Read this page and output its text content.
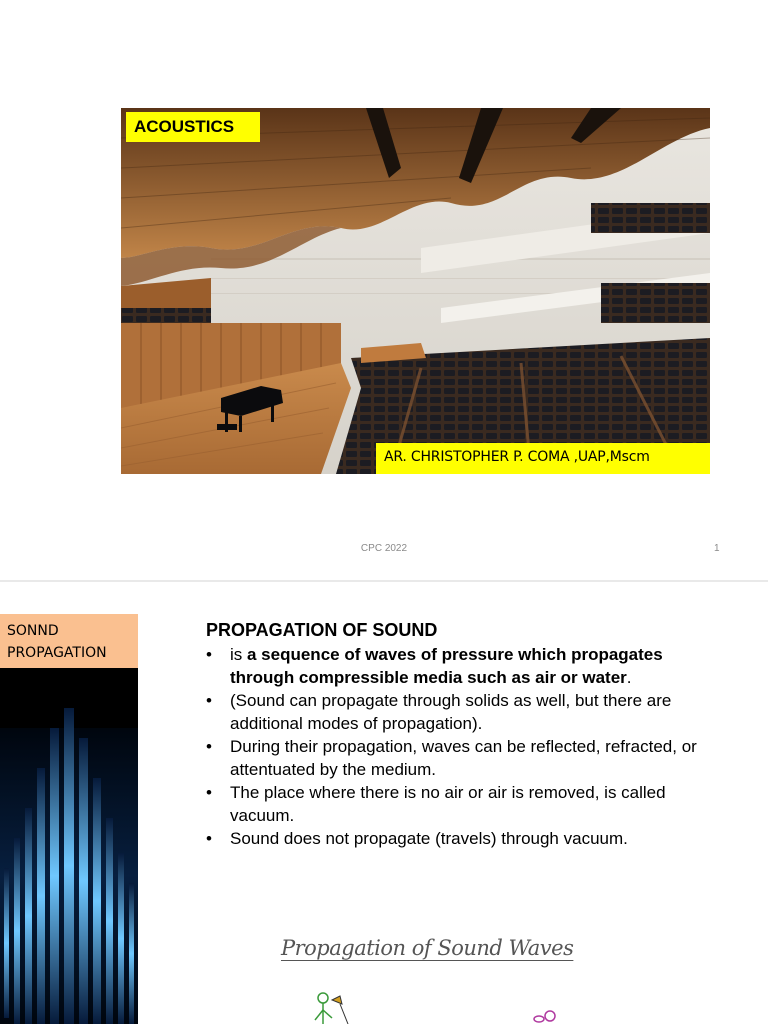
ACOUSTICS
AR. CHRISTOPHER P. COMA ,UAP,Mscm
CPC 2022	1
SONND PROPAGATION
PROPAGATION OF SOUND
• is a sequence of waves of pressure which propagates through compressible media such as air or water.
• (Sound can propagate through solids as well, but there are additional modes of propagation).
• During their propagation, waves can be reflected, refracted, or attentuated by the medium.
• The place where there is no air or air is removed, is called vacuum.
• Sound does not propagate (travels) through vacuum.
Propagation of Sound Waves
